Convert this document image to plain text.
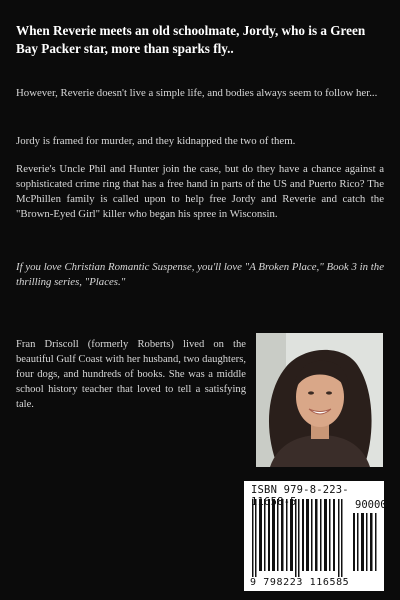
When Reverie meets an old schoolmate, Jordy, who is a Green Bay Packer star, more than sparks fly..
However, Reverie doesn't live a simple life, and bodies always seem to follow her...
Jordy is framed for murder, and they kidnapped the two of them.
Reverie's Uncle Phil and Hunter join the case, but do they have a chance against a sophisticated crime ring that has a free hand in parts of the US and Puerto Rico? The McPhillen family is called upon to help free Jordy and Reverie and catch the "Brown-Eyed Girl" killer who began his spree in Wisconsin.
If you love Christian Romantic Suspense, you'll love "A Broken Place," Book 3 in the thrilling series, "Places."
Fran Driscoll (formerly Roberts) lived on the beautiful Gulf Coast with her husband, two daughters, four dogs, and hundreds of books. She was a middle school history teacher that loved to tell a satisfying tale.
ISBN 979-8-223-11658-5	90000
9 798223 116585
